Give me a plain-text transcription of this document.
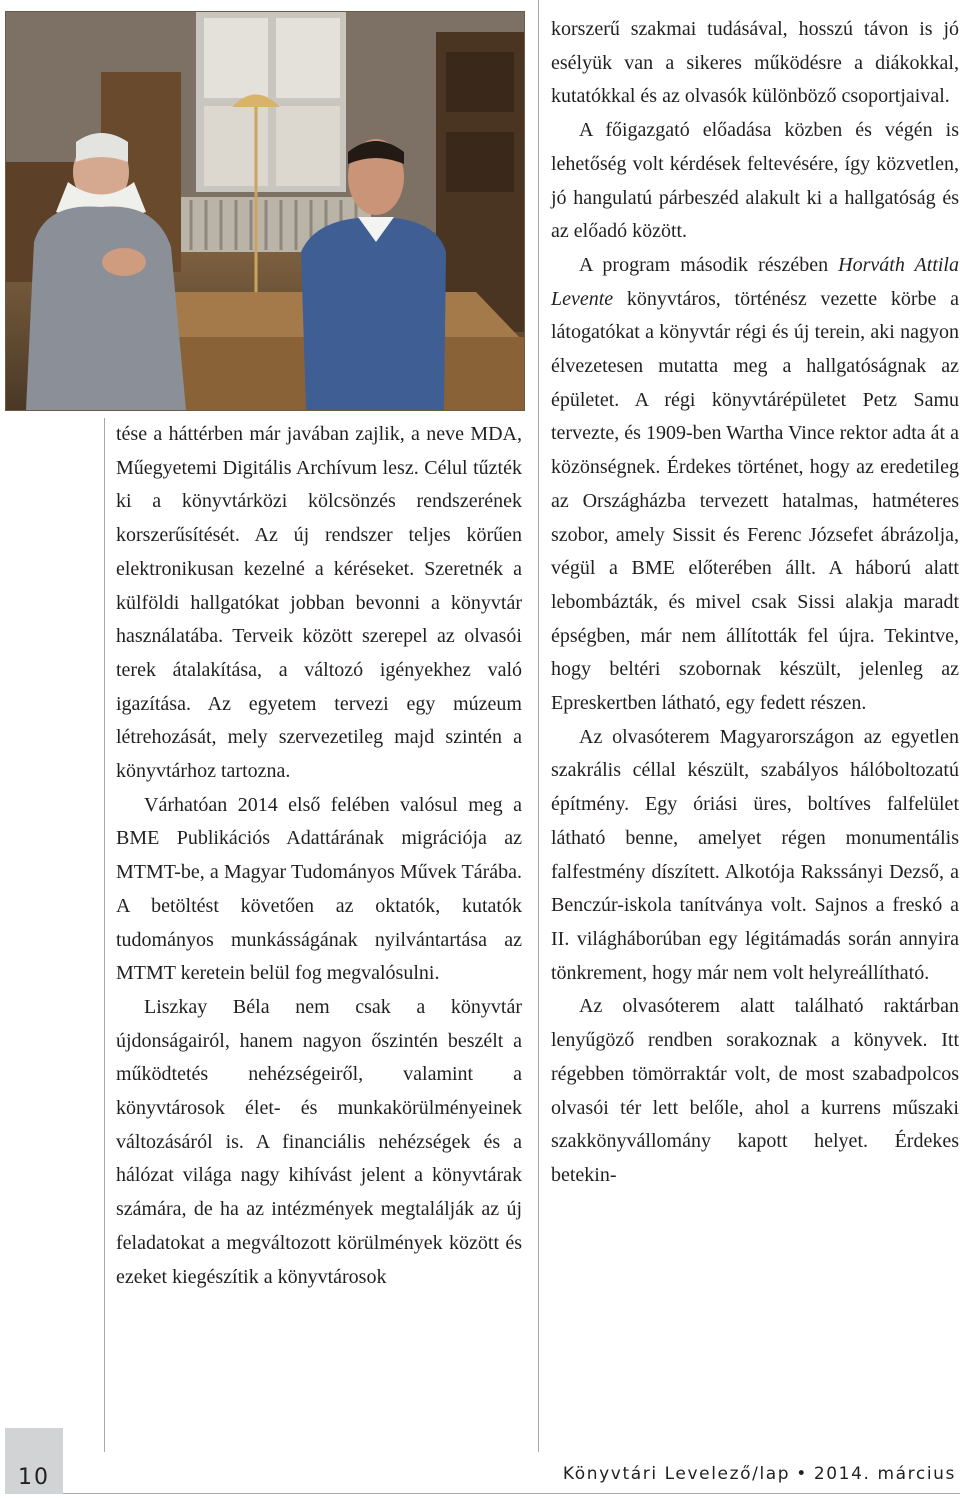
tése a háttérben már javában zajlik, a neve MDA, Műegyetemi Digitális Archívum lesz. Célul tűzték ki a könyvtárközi kölcsönzés rendszerének korszerűsítését. Az új rendszer teljes körűen elektronikusan kezelné a kéréseket. Szeretnék a külföldi hallgatókat jobban bevonni a könyvtár használatába. Terveik között szerepel az olvasói terek átalakítása, a változó igényekhez való igazítása. Az egyetem tervezi egy múzeum létrehozását, mely szervezetileg majd szintén a könyvtárhoz tartozna.

Várhatóan 2014 első felében valósul meg a BME Publikációs Adattárának migrációja az MTMT-be, a Magyar Tudományos Művek Tárába. A betöltést követően az oktatók, kutatók tudományos munkásságának nyilvántartása az MTMT keretein belül fog megvalósulni.

Liszkay Béla nem csak a könyvtár újdonságairól, hanem nagyon őszintén beszélt a működtetés nehézségeiről, valamint a könyvtárosok élet- és munkakörülményeinek változásáról is. A financiális nehézségek és a hálózat világa nagy kihívást jelent a könyvtárak számára, de ha az intézmények megtalálják az új feladatokat a megváltozott körülmények között és ezeket kiegészítik a könyvtárosok

korszerű szakmai tudásával, hosszú távon is jó esélyük van a sikeres működésre a diákokkal, kutatókkal és az olvasók különböző csoportjaival.

A főigazgató előadása közben és végén is lehetőség volt kérdések feltevésére, így közvetlen, jó hangulatú párbeszéd alakult ki a hallgatóság és az előadó között.

A program második részében Horváth Attila Levente könyvtáros, történész vezette körbe a látogatókat a könyvtár régi és új terein, aki nagyon élvezetesen mutatta meg a hallgatóságnak az épületet. A régi könyvtárépületet Petz Samu tervezte, és 1909-ben Wartha Vince rektor adta át a közönségnek. Érdekes történet, hogy az eredetileg az Országházba tervezett hatalmas, hatméteres szobor, amely Sissit és Ferenc Józsefet ábrázolja, végül a BME előterében állt. A háború alatt lebombázták, és mivel csak Sissi alakja maradt épségben, már nem állították fel újra. Tekintve, hogy beltéri szobornak készült, jelenleg az Epreskertben látható, egy fedett részen.

Az olvasóterem Magyarországon az egyetlen szakrális céllal készült, szabályos hálóboltozatú építmény. Egy óriási üres, boltíves falfelület látható benne, amelyet régen monumentális falfestmény díszített. Alkotója Rakssányi Dezső, a Benczúr-iskola tanítványa volt. Sajnos a freskó a II. világháborúban egy légitámadás során annyira tönkrement, hogy már nem volt helyreállítható.

Az olvasóterem alatt található raktárban lenyűgöző rendben sorakoznak a könyvek. Itt régebben tömörraktár volt, de most szabadpolcos olvasói tér lett belőle, ahol a kurrens műszaki szakkönyvállomány kapott helyet. Érdekes betekin-

10	Könyvtári Levelező/lap • 2014. március
